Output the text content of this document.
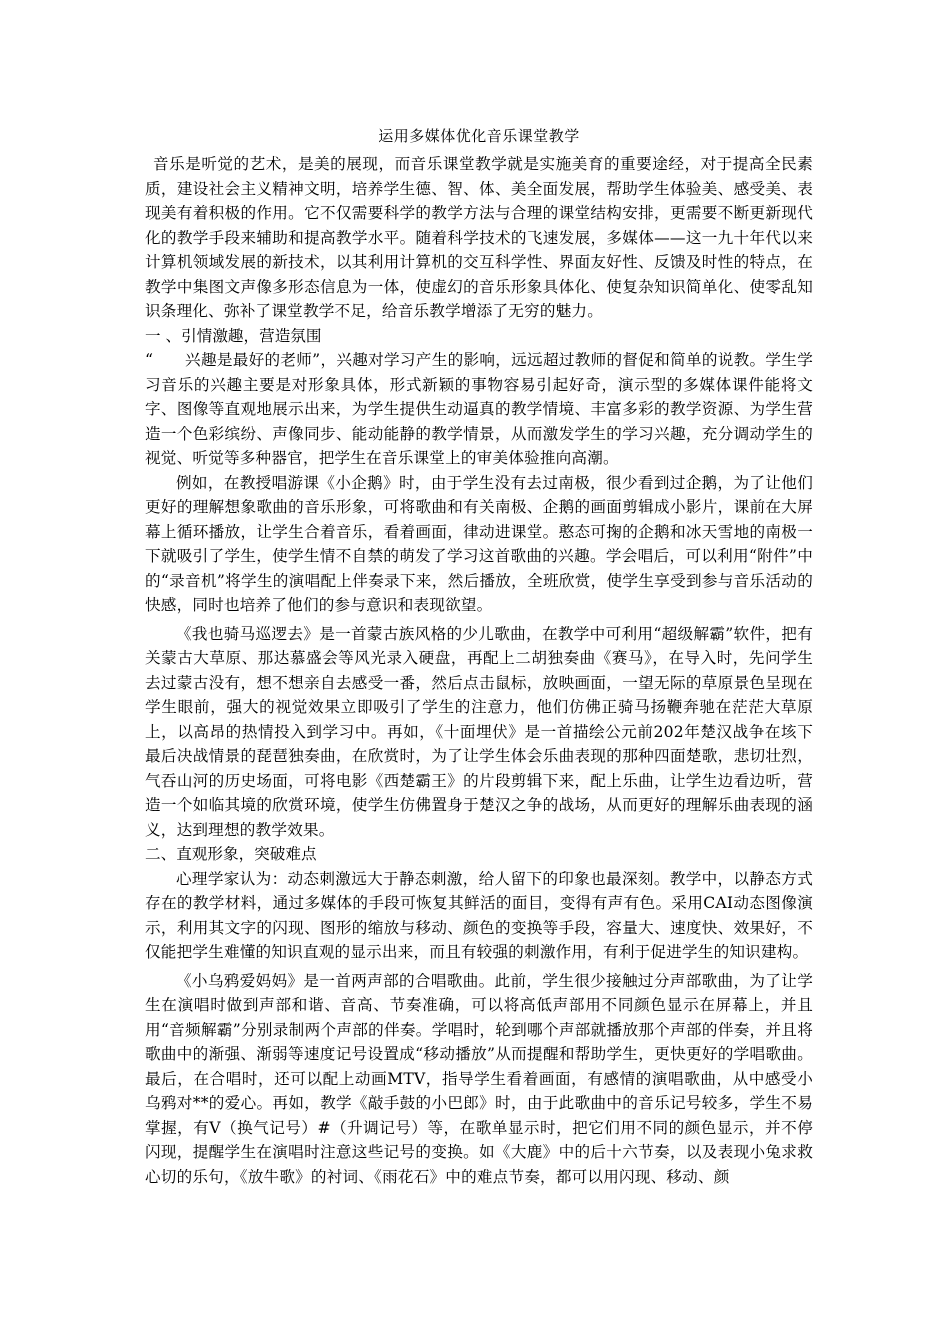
运用多媒体优化音乐课堂教学

音乐是听觉的艺术，是美的展现，而音乐课堂教学就是实施美育的重要途经，对于提高全民素质，建设社会主义精神文明，培养学生德、智、体、美全面发展，帮助学生体验美、感受美、表现美有着积极的作用。它不仅需要科学的教学方法与合理的课堂结构安排，更需要不断更新现代化的教学手段来辅助和提高教学水平。随着科学技术的飞速发展，多媒体——这一九十年代以来计算机领域发展的新技术，以其利用计算机的交互科学性、界面友好性、反馈及时性的特点，在教学中集图文声像多形态信息为一体，使虚幻的音乐形象具体化、使复杂知识简单化、使零乱知识条理化、弥补了课堂教学不足，给音乐教学增添了无穷的魅力。

一 、引情激趣，营造氛围

“　　兴趣是最好的老师”，兴趣对学习产生的影响，远远超过教师的督促和简单的说教。学生学习音乐的兴趣主要是对形象具体，形式新颖的事物容易引起好奇，演示型的多媒体课件能将文字、图像等直观地展示出来，为学生提供生动逼真的教学情境、丰富多彩的教学资源、为学生营造一个色彩缤纷、声像同步、能动能静的教学情景，从而激发学生的学习兴趣，充分调动学生的视觉、听觉等多种器官，把学生在音乐课堂上的审美体验推向高潮。

例如，在教授唱游课《小企鹅》时，由于学生没有去过南极，很少看到过企鹅，为了让他们更好的理解想象歌曲的音乐形象，可将歌曲和有关南极、企鹅的画面剪辑成小影片，课前在大屏幕上循环播放，让学生合着音乐，看着画面，律动进课堂。憨态可掬的企鹅和冰天雪地的南极一下就吸引了学生，使学生情不自禁的萌发了学习这首歌曲的兴趣。学会唱后，可以利用“附件”中的“录音机”将学生的演唱配上伴奏录下来，然后播放，全班欣赏，使学生享受到参与音乐活动的快感，同时也培养了他们的参与意识和表现欲望。

《我也骑马巡逻去》是一首蒙古族风格的少儿歌曲，在教学中可利用“超级解霸”软件，把有关蒙古大草原、那达慕盛会等风光录入硬盘，再配上二胡独奏曲《赛马》，在导入时，先问学生去过蒙古没有，想不想亲自去感受一番，然后点击鼠标，放映画面，一望无际的草原景色呈现在学生眼前，强大的视觉效果立即吸引了学生的注意力，他们仿佛正骑马扬鞭奔驰在茫茫大草原上，以高昂的热情投入到学习中。再如，《十面埋伏》是一首描绘公元前202年楚汉战争在垓下最后决战情景的琵琶独奏曲，在欣赏时，为了让学生体会乐曲表现的那种四面楚歌，悲切壮烈，气吞山河的历史场面，可将电影《西楚霸王》的片段剪辑下来，配上乐曲，让学生边看边听，营造一个如临其境的欣赏环境，使学生仿佛置身于楚汉之争的战场，从而更好的理解乐曲表现的涵义，达到理想的教学效果。

二、直观形象，突破难点

心理学家认为：动态刺激远大于静态刺激，给人留下的印象也最深刻。教学中，以静态方式存在的教学材料，通过多媒体的手段可恢复其鲜活的面目，变得有声有色。采用CAI动态图像演示，利用其文字的闪现、图形的缩放与移动、颜色的变换等手段，容量大、速度快、效果好，不仅能把学生难懂的知识直观的显示出来，而且有较强的刺激作用，有利于促进学生的知识建构。

《小乌鸦爱妈妈》是一首两声部的合唱歌曲。此前，学生很少接触过分声部歌曲，为了让学生在演唱时做到声部和谐、音高、节奏准确，可以将高低声部用不同颜色显示在屏幕上，并且用“音频解霸”分别录制两个声部的伴奏。学唱时，轮到哪个声部就播放那个声部的伴奏，并且将歌曲中的渐强、渐弱等速度记号设置成“移动播放”从而提醒和帮助学生，更快更好的学唱歌曲。最后，在合唱时，还可以配上动画MTV，指导学生看着画面，有感情的演唱歌曲，从中感受小乌鸦对**的爱心。再如，教学《敲手鼓的小巴郎》时，由于此歌曲中的音乐记号较多，学生不易掌握，有V（换气记号）#（升调记号）等，在歌单显示时，把它们用不同的颜色显示，并不停闪现，提醒学生在演唱时注意这些记号的变换。如《大鹿》中的后十六节奏，以及表现小兔求救心切的乐句，《放牛歌》的衬词、《雨花石》中的难点节奏，都可以用闪现、移动、颜
